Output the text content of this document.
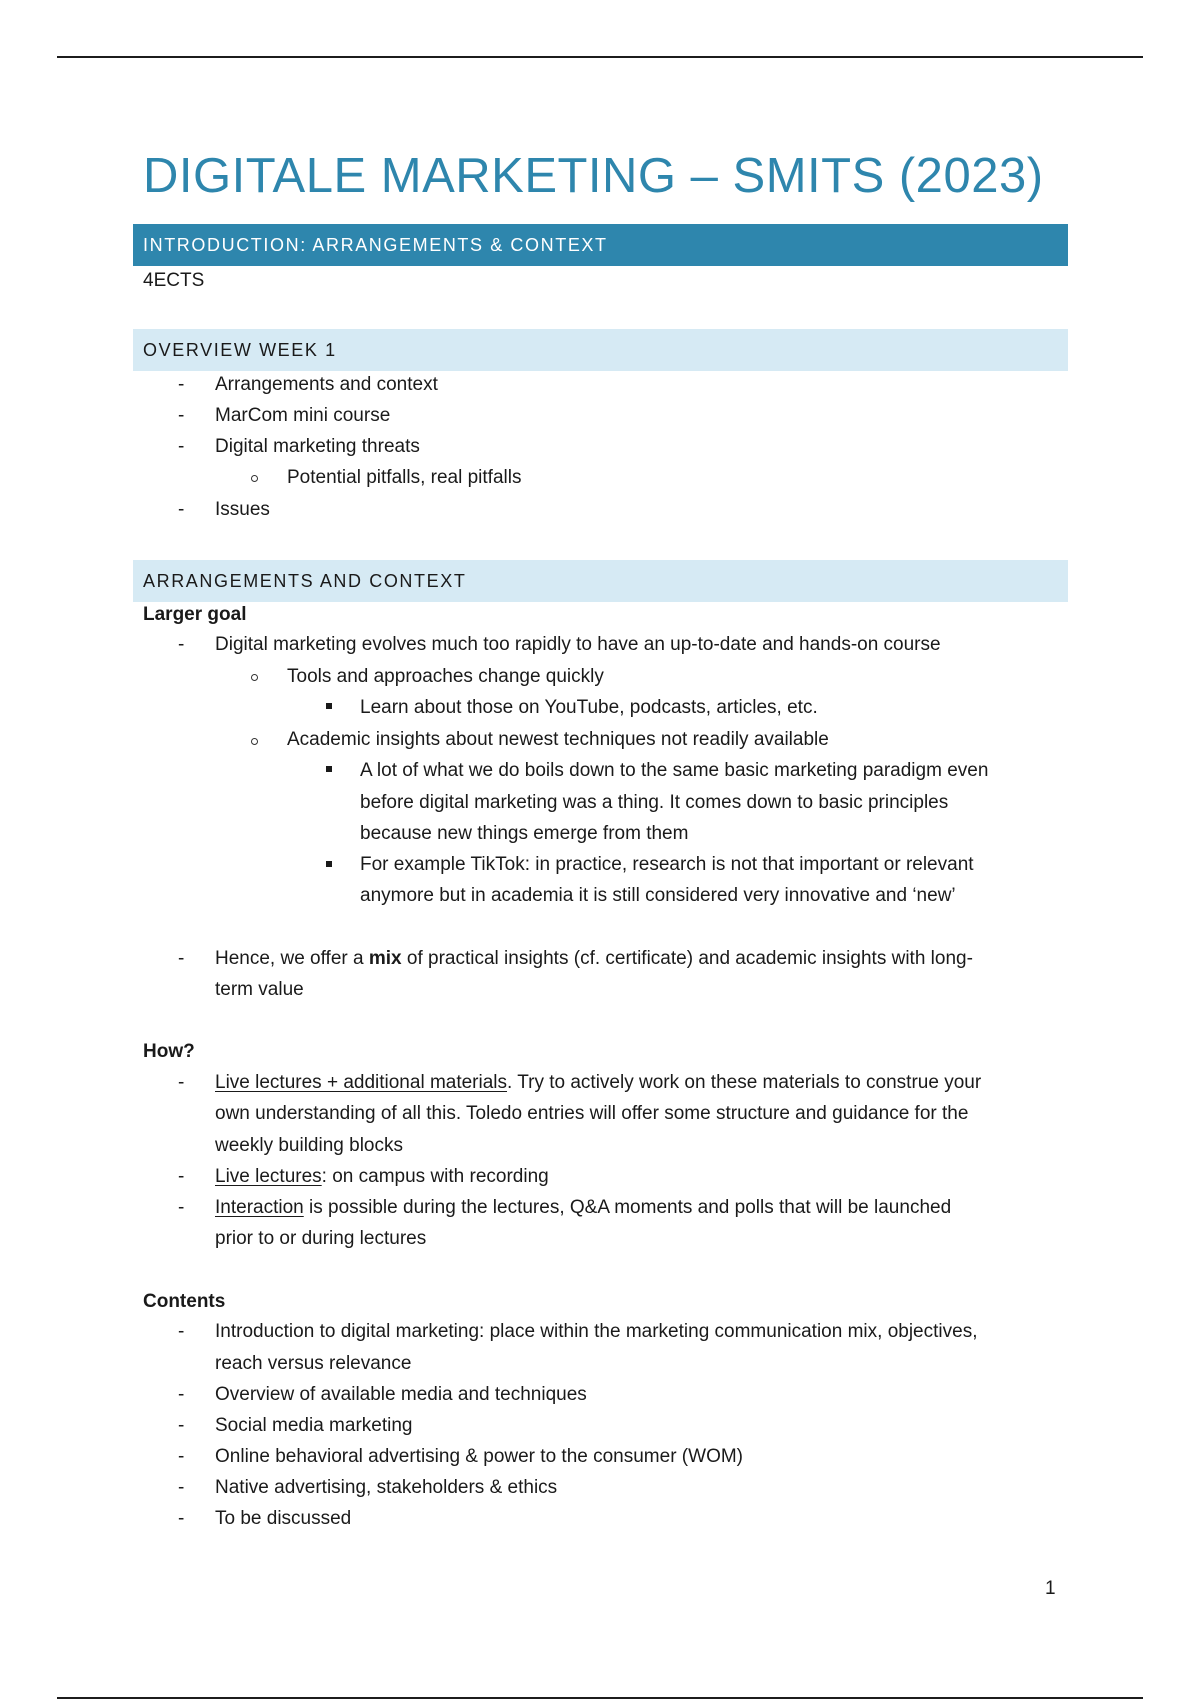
DIGITALE MARKETING – SMITS (2023)
INTRODUCTION: ARRANGEMENTS & CONTEXT
4ECTS
OVERVIEW WEEK 1
- Arrangements and context
- MarCom mini course
- Digital marketing threats
Potential pitfalls, real pitfalls
- Issues
ARRANGEMENTS AND CONTEXT
Larger goal
- Digital marketing evolves much too rapidly to have an up-to-date and hands-on course
Tools and approaches change quickly
Learn about those on YouTube, podcasts, articles, etc.
Academic insights about newest techniques not readily available
A lot of what we do boils down to the same basic marketing paradigm even
before digital marketing was a thing. It comes down to basic principles
because new things emerge from them
For example TikTok: in practice, research is not that important or relevant
anymore but in academia it is still considered very innovative and ‘new’
- Hence, we offer a mix of practical insights (cf. certificate) and academic insights with long-
term value
How?
- Live lectures + additional materials. Try to actively work on these materials to construe your
own understanding of all this. Toledo entries will offer some structure and guidance for the
weekly building blocks
- Live lectures: on campus with recording
- Interaction is possible during the lectures, Q&A moments and polls that will be launched
prior to or during lectures
Contents
- Introduction to digital marketing: place within the marketing communication mix, objectives,
reach versus relevance
- Overview of available media and techniques
- Social media marketing
- Online behavioral advertising & power to the consumer (WOM)
- Native advertising, stakeholders & ethics
- To be discussed
1
